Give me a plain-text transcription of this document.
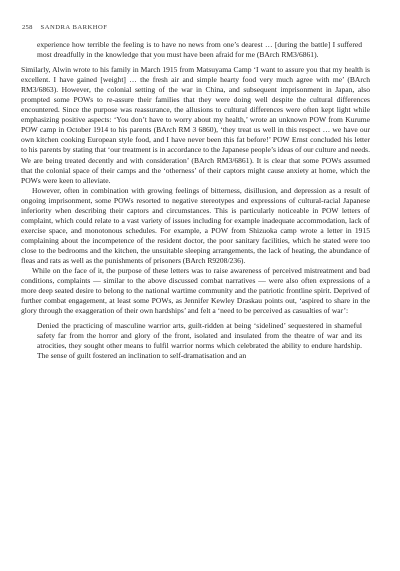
258 SANDRA BARKHOF

experience how terrible the feeling is to have no news from one’s dearest … [during the battle] I suffered most dreadfully in the knowledge that you must have been afraid for me (BArch RM3/6861).

Similarly, Alwin wrote to his family in March 1915 from Matsuyama Camp ‘I want to assure you that my health is excellent. I have gained [weight] … the fresh air and simple hearty food very much agree with me’ (BArch RM3/6863). However, the colonial setting of the war in China, and subsequent imprisonment in Japan, also prompted some POWs to re-assure their families that they were doing well despite the cultural differences encountered. Since the purpose was reassurance, the allusions to cultural differences were often kept light while emphasizing positive aspects: ‘You don’t have to worry about my health,’ wrote an unknown POW from Kurume POW camp in October 1914 to his parents (BArch RM 3 6860), ‘they treat us well in this respect … we have our own kitchen cooking European style food, and I have never been this fat before!’ POW Ernst concluded his letter to his parents by stating that ‘our treatment is in accordance to the Japanese people’s ideas of our culture and needs. We are being treated decently and with consideration’ (BArch RM3/6861). It is clear that some POWs assumed that the colonial space of their camps and the ‘otherness’ of their captors might cause anxiety at home, which the POWs were keen to alleviate.

However, often in combination with growing feelings of bitterness, disillusion, and depression as a result of ongoing imprisonment, some POWs resorted to negative stereotypes and expressions of cultural-racial Japanese inferiority when describing their captors and circumstances. This is particularly noticeable in POW letters of complaint, which could relate to a vast variety of issues including for example inadequate accommodation, lack of exercise space, and monotonous schedules. For example, a POW from Shizuoka camp wrote a letter in 1915 complaining about the incompetence of the resident doctor, the poor sanitary facilities, which he stated were too close to the bedrooms and the kitchen, the unsuitable sleeping arrangements, the lack of heating, the abundance of fleas and rats as well as the punishments of prisoners (BArch R9208/236).

While on the face of it, the purpose of these letters was to raise awareness of perceived mistreatment and bad conditions, complaints — similar to the above discussed combat narratives — were also often expressions of a more deep seated desire to belong to the national wartime community and the patriotic frontline spirit. Deprived of further combat engagement, at least some POWs, as Jennifer Kewley Draskau points out, ‘aspired to share in the glory through the exaggeration of their own hardships’ and felt a ‘need to be perceived as casualties of war’:

Denied the practicing of masculine warrior arts, guilt-ridden at being ‘sidelined’ sequestered in shameful safety far from the horror and glory of the front, isolated and insulated from the theatre of war and its atrocities, they sought other means to fulfil warrior norms which celebrated the ability to endure hardship. The sense of guilt fostered an inclination to self-dramatisation and an
